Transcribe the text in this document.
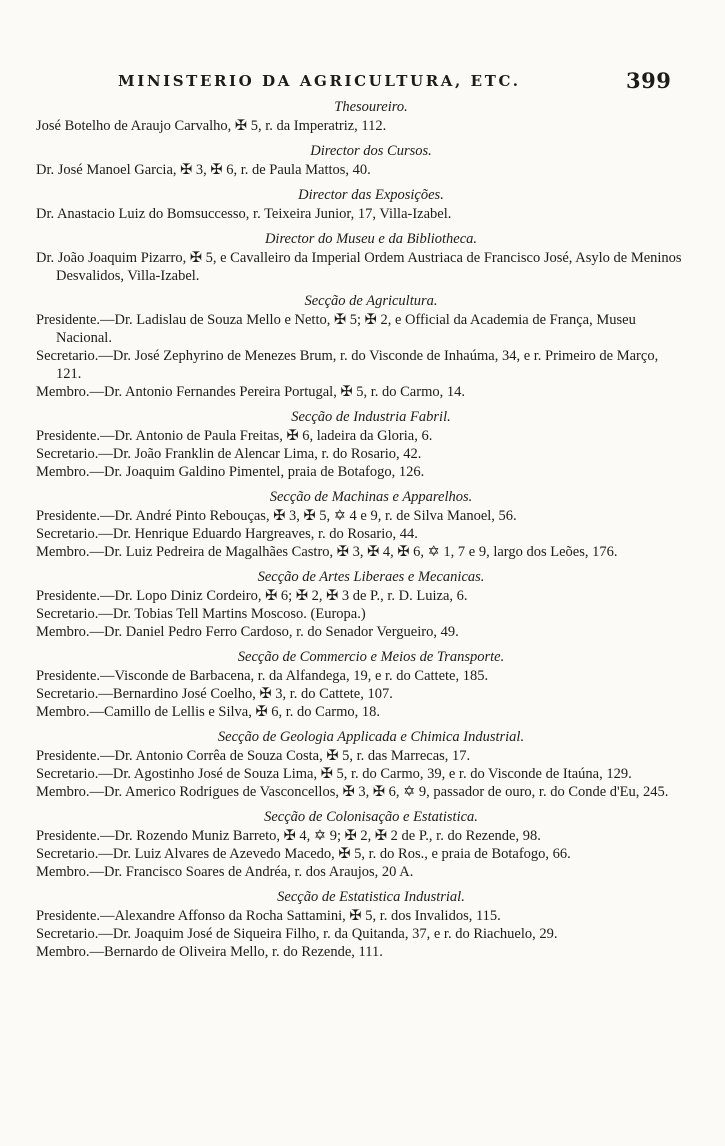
MINISTERIO DA AGRICULTURA, ETC.	399
Thesoureiro.
José Botelho de Araujo Carvalho, ✠ 5, r. da Imperatriz, 112.
Director dos Cursos.
Dr. José Manoel Garcia, ✠ 3, ✠ 6, r. de Paula Mattos, 40.
Director das Exposições.
Dr. Anastacio Luiz do Bomsuccesso, r. Teixeira Junior, 17, Villa-Izabel.
Director do Museu e da Bibliotheca.
Dr. João Joaquim Pizarro, ✠ 5, e Cavalleiro da Imperial Ordem Austriaca de Francisco José, Asylo de Meninos Desvalidos, Villa-Izabel.
Secção de Agricultura.
Presidente.—Dr. Ladislau de Souza Mello e Netto, ✠ 5; ✠ 2, e Official da Academia de França, Museu Nacional.
Secretario.—Dr. José Zephyrino de Menezes Brum, r. do Visconde de Inhaúma, 34, e r. Primeiro de Março, 121.
Membro.—Dr. Antonio Fernandes Pereira Portugal, ✠ 5, r. do Carmo, 14.
Secção de Industria Fabril.
Presidente.—Dr. Antonio de Paula Freitas, ✠ 6, ladeira da Gloria, 6.
Secretario.—Dr. João Franklin de Alencar Lima, r. do Rosario, 42.
Membro.—Dr. Joaquim Galdino Pimentel, praia de Botafogo, 126.
Secção de Machinas e Apparelhos.
Presidente.—Dr. André Pinto Rebouças, ✠ 3, ✠ 5, ✡ 4 e 9, r. de Silva Manoel, 56.
Secretario.—Dr. Henrique Eduardo Hargreaves, r. do Rosario, 44.
Membro.—Dr. Luiz Pedreira de Magalhães Castro, ✠ 3, ✠ 4, ✠ 6, ✡ 1, 7 e 9, largo dos Leões, 176.
Secção de Artes Liberaes e Mecanicas.
Presidente.—Dr. Lopo Diniz Cordeiro, ✠ 6; ✠ 2, ✠ 3 de P., r. D. Luiza, 6.
Secretario.—Dr. Tobias Tell Martins Moscoso. (Europa.)
Membro.—Dr. Daniel Pedro Ferro Cardoso, r. do Senador Vergueiro, 49.
Secção de Commercio e Meios de Transporte.
Presidente.—Visconde de Barbacena, r. da Alfandega, 19, e r. do Cattete, 185.
Secretario.—Bernardino José Coelho, ✠ 3, r. do Cattete, 107.
Membro.—Camillo de Lellis e Silva, ✠ 6, r. do Carmo, 18.
Secção de Geologia Applicada e Chimica Industrial.
Presidente.—Dr. Antonio Corrêa de Souza Costa, ✠ 5, r. das Marrecas, 17.
Secretario.—Dr. Agostinho José de Souza Lima, ✠ 5, r. do Carmo, 39, e r. do Visconde de Itaúna, 129.
Membro.—Dr. Americo Rodrigues de Vasconcellos, ✠ 3, ✠ 6, ✡ 9, passador de ouro, r. do Conde d'Eu, 245.
Secção de Colonisação e Estatistica.
Presidente.—Dr. Rozendo Muniz Barreto, ✠ 4, ✡ 9; ✠ 2, ✠ 2 de P., r. do Rezende, 98.
Secretario.—Dr. Luiz Alvares de Azevedo Macedo, ✠ 5, r. do Ros., e praia de Botafogo, 66.
Membro.—Dr. Francisco Soares de Andréa, r. dos Araujos, 20 A.
Secção de Estatistica Industrial.
Presidente.—Alexandre Affonso da Rocha Sattamini, ✠ 5, r. dos Invalidos, 115.
Secretario.—Dr. Joaquim José de Siqueira Filho, r. da Quitanda, 37, e r. do Riachuelo, 29.
Membro.—Bernardo de Oliveira Mello, r. do Rezende, 111.
